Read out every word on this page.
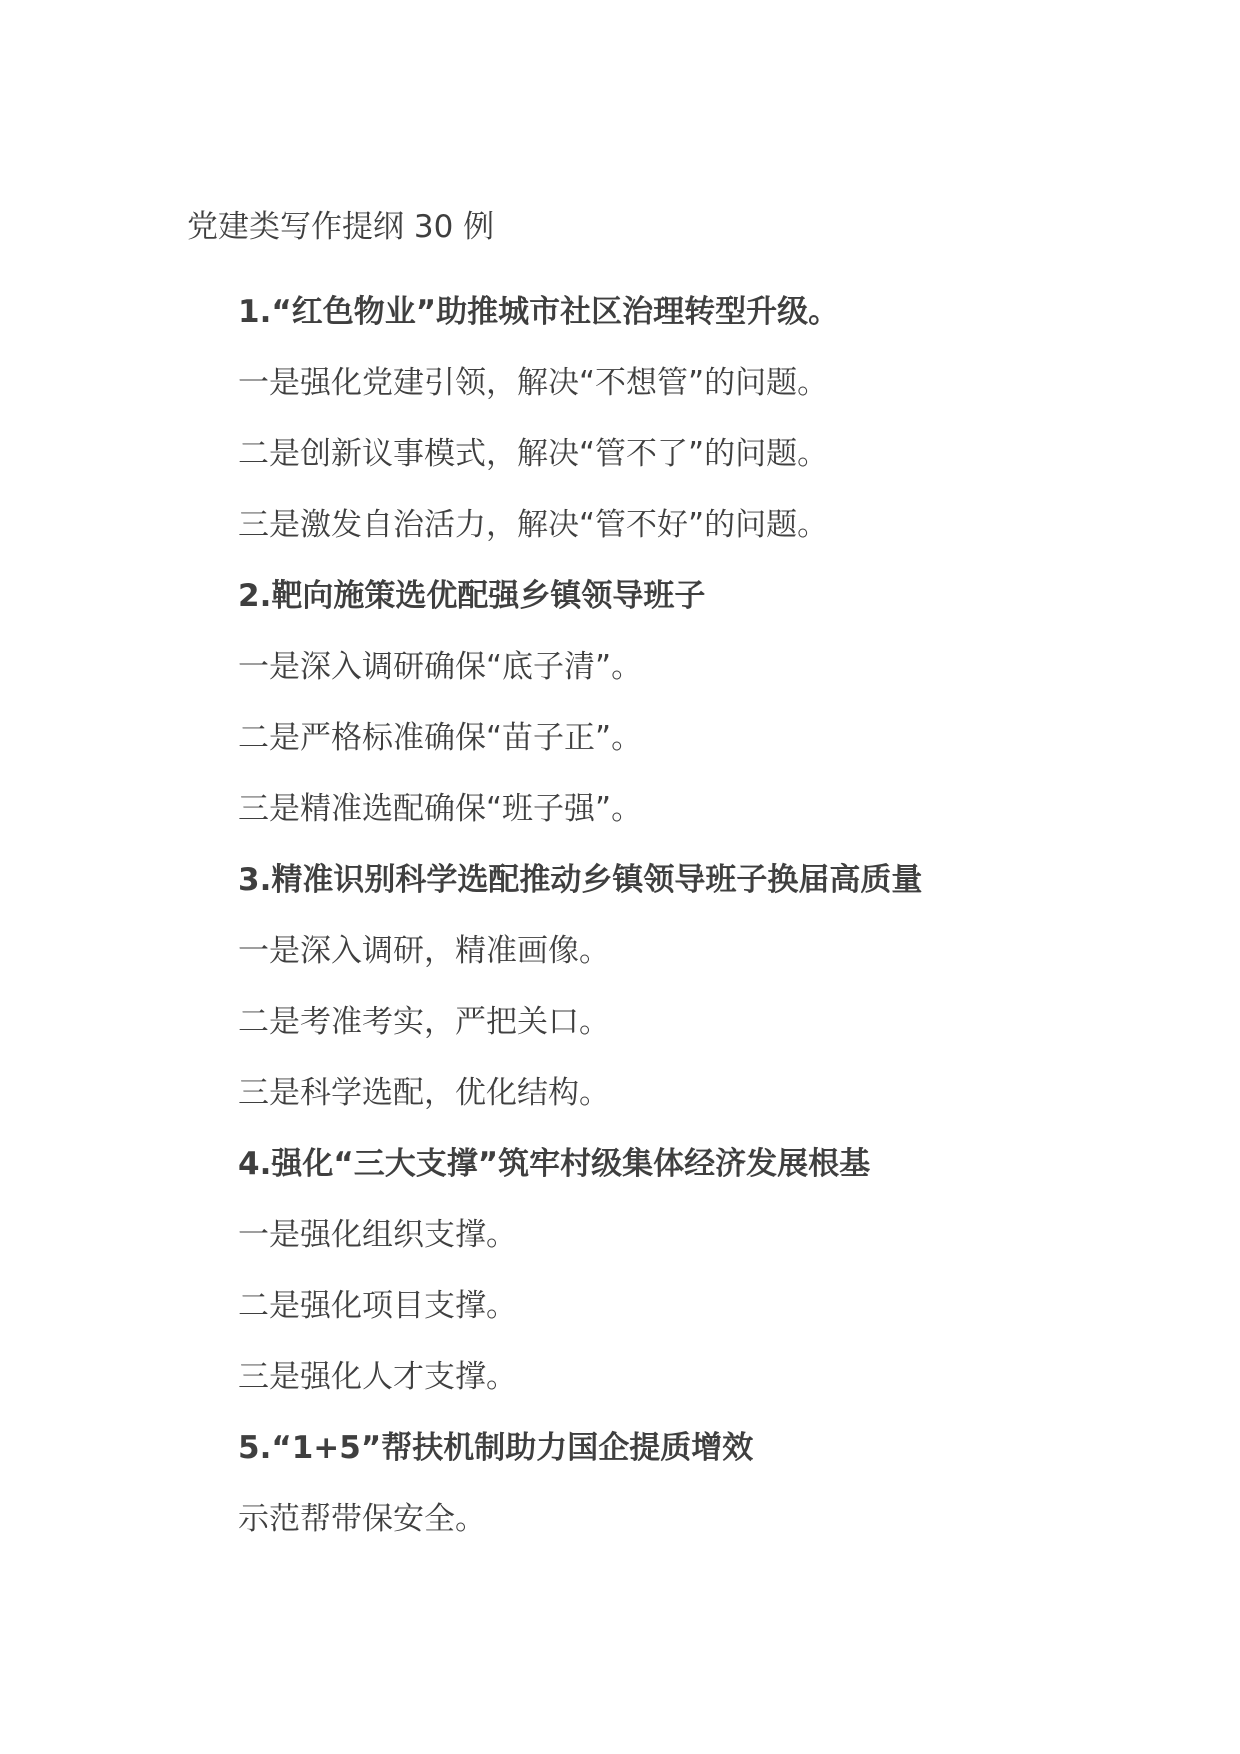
党建类写作提纲 30 例

1.“红色物业”助推城市社区治理转型升级。

一是强化党建引领，解决“不想管”的问题。

二是创新议事模式，解决“管不了”的问题。

三是激发自治活力，解决“管不好”的问题。

2.靶向施策选优配强乡镇领导班子

一是深入调研确保“底子清”。

二是严格标准确保“苗子正”。

三是精准选配确保“班子强”。

3.精准识别科学选配推动乡镇领导班子换届高质量

一是深入调研，精准画像。

二是考准考实，严把关口。

三是科学选配，优化结构。

4.强化“三大支撑”筑牢村级集体经济发展根基

一是强化组织支撑。

二是强化项目支撑。

三是强化人才支撑。

5.“1+5”帮扶机制助力国企提质增效

示范帮带保安全。
